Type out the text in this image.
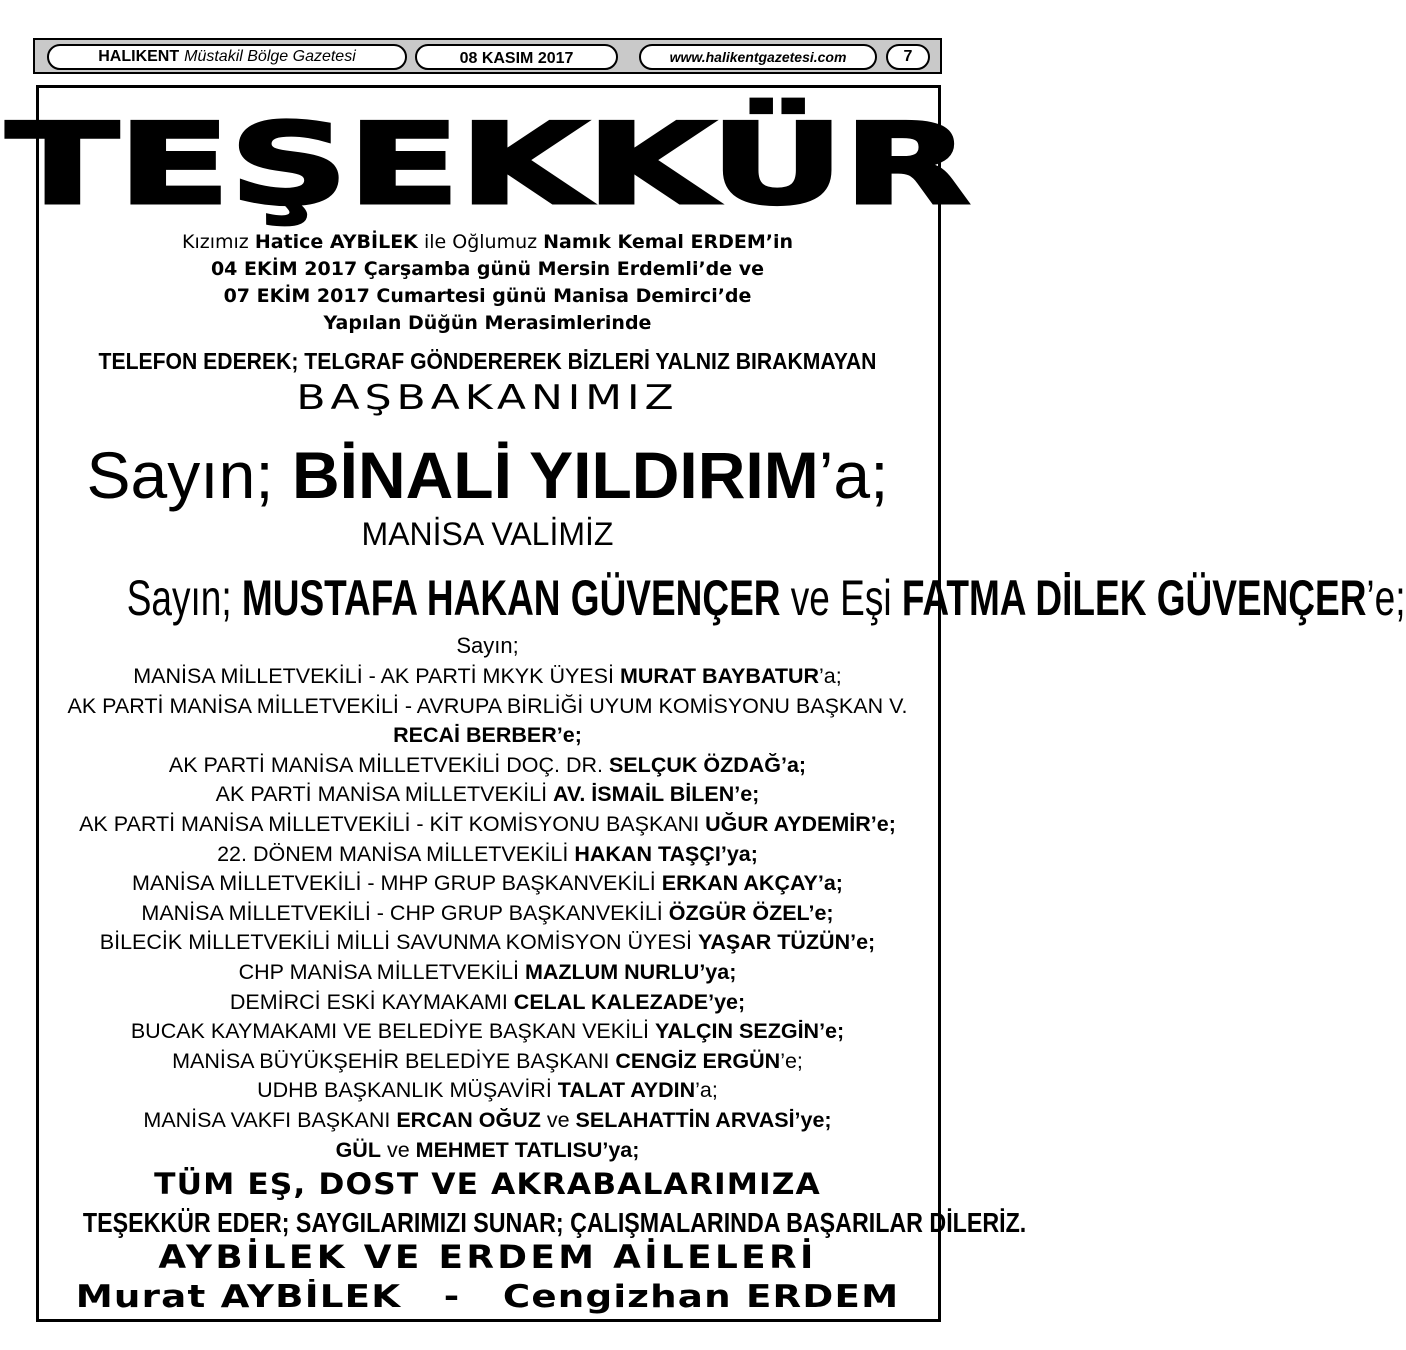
HALIKENT Müstakil Bölge Gazetesi	08 KASIM 2017	www.halikentgazetesi.com	7
TEŞEKKÜR
Kızımız Hatice AYBİLEK ile Oğlumuz Namık Kemal ERDEM’in
04 EKİM 2017 Çarşamba günü Mersin Erdemli’de ve
07 EKİM 2017 Cumartesi günü Manisa Demirci’de
Yapılan Düğün Merasimlerinde
TELEFON EDEREK; TELGRAF GÖNDEREREK BİZLERİ YALNIZ BIRAKMAYAN
BAŞBAKANIMIZ
Sayın; BİNALİ YILDIRIM’a;
MANİSA VALİMİZ
Sayın; MUSTAFA HAKAN GÜVENÇER ve Eşi FATMA DİLEK GÜVENÇER’e;
Sayın;
MANİSA MİLLETVEKİLİ - AK PARTİ MKYK ÜYESİ MURAT BAYBATUR’a;
AK PARTİ MANİSA MİLLETVEKİLİ - AVRUPA BİRLİĞİ UYUM KOMİSYONU BAŞKAN V.
RECAİ BERBER’e;
AK PARTİ MANİSA MİLLETVEKİLİ DOÇ. DR. SELÇUK ÖZDAĞ’a;
AK PARTİ MANİSA MİLLETVEKİLİ AV. İSMAİL BİLEN’e;
AK PARTİ MANİSA MİLLETVEKİLİ - KİT KOMİSYONU BAŞKANI UĞUR AYDEMİR’e;
22. DÖNEM MANİSA MİLLETVEKİLİ HAKAN TAŞÇI’ya;
MANİSA MİLLETVEKİLİ - MHP GRUP BAŞKANVEKİLİ ERKAN AKÇAY’a;
MANİSA MİLLETVEKİLİ - CHP GRUP BAŞKANVEKİLİ ÖZGÜR ÖZEL’e;
BİLECİK MİLLETVEKİLİ MİLLİ SAVUNMA KOMİSYON ÜYESİ YAŞAR TÜZÜN’e;
CHP MANİSA MİLLETVEKİLİ MAZLUM NURLU’ya;
DEMİRCİ ESKİ KAYMAKAMI CELAL KALEZADE’ye;
BUCAK KAYMAKAMI VE BELEDİYE BAŞKAN VEKİLİ YALÇIN SEZGİN’e;
MANİSA BÜYÜKŞEHİR BELEDİYE BAŞKANI CENGİZ ERGÜN’e;
UDHB BAŞKANLIK MÜŞAVİRİ TALAT AYDIN’a;
MANİSA VAKFI BAŞKANI ERCAN OĞUZ ve SELAHATTİN ARVASİ’ye;
GÜL ve MEHMET TATLISU’ya;
TÜM EŞ, DOST VE AKRABALARIMIZA
TEŞEKKÜR EDER; SAYGILARIMIZI SUNAR; ÇALIŞMALARINDA BAŞARILAR DİLERİZ.
AYBİLEK VE ERDEM AİLELERİ
Murat AYBİLEK - Cengizhan ERDEM
